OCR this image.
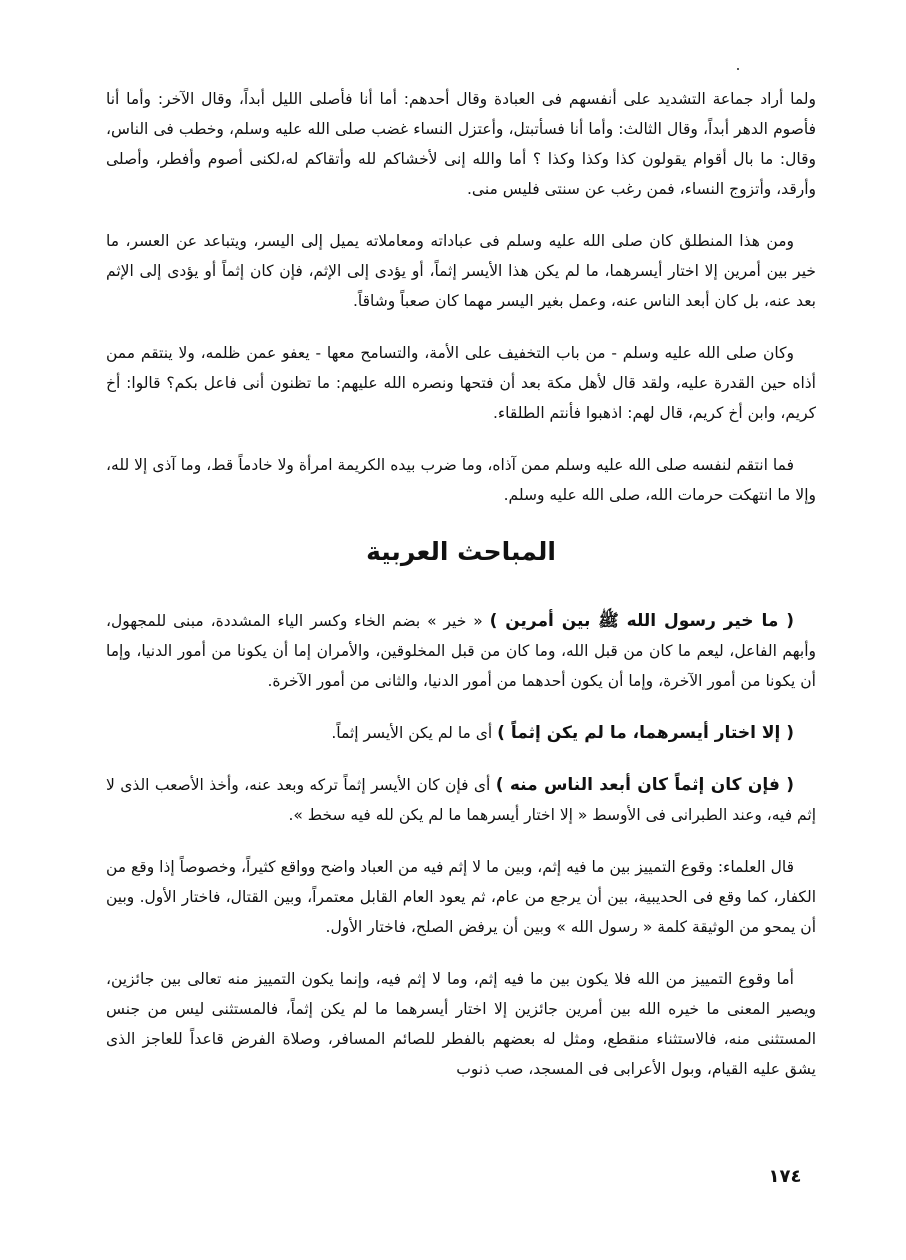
ولما أراد جماعة التشديد على أنفسهم فى العبادة وقال أحدهم: أما أنا فأصلى الليل أبداً، وقال الآخر: وأما أنا فأصوم الدهر أبداً، وقال الثالث: وأما أنا فسأتبتل، وأعتزل النساء غضب صلى الله عليه وسلم، وخطب فى الناس، وقال: ما بال أقوام يقولون كذا وكذا وكذا ؟ أما والله إنى لأخشاكم لله وأتقاكم له،لكنى أصوم وأفطر، وأصلى وأرقد، وأتزوج النساء، فمن رغب عن سنتى فليس منى.

ومن هذا المنطلق كان صلى الله عليه وسلم فى عباداته ومعاملاته يميل إلى اليسر، ويتباعد عن العسر، ما خير بين أمرين إلا اختار أيسرهما، ما لم يكن هذا الأيسر إثماً، أو يؤدى إلى الإثم، فإن كان إثماً أو يؤدى إلى الإثم بعد عنه، بل كان أبعد الناس عنه، وعمل بغير اليسر مهما كان صعباً وشاقاً.

وكان صلى الله عليه وسلم - من باب التخفيف على الأمة، والتسامح معها - يعفو عمن ظلمه، ولا ينتقم ممن أذاه حين القدرة عليه، ولقد قال لأهل مكة بعد أن فتحها ونصره الله عليهم: ما تظنون أنى فاعل بكم؟ قالوا: أخ كريم، وابن أخ كريم، قال لهم: اذهبوا فأنتم الطلقاء.

فما انتقم لنفسه صلى الله عليه وسلم ممن آذاه، وما ضرب بيده الكريمة امرأة ولا خادماً قط، وما آذى إلا لله، وإلا ما انتهكت حرمات الله، صلى الله عليه وسلم.

المباحث العربية

( ما خير رسول الله ﷺ بين أمرين ) « خير » بضم الخاء وكسر الياء المشددة، مبنى للمجهول، وأبهم الفاعل، ليعم ما كان من قبل الله، وما كان من قبل المخلوقين، والأمران إما أن يكونا من أمور الدنيا، وإما أن يكونا من أمور الآخرة، وإما أن يكون أحدهما من أمور الدنيا، والثانى من أمور الآخرة.

( إلا اختار أيسرهما، ما لم يكن إثماً ) أى ما لم يكن الأيسر إثماً.

( فإن كان إثماً كان أبعد الناس منه ) أى فإن كان الأيسر إثماً تركه وبعد عنه، وأخذ الأصعب الذى لا إثم فيه، وعند الطبرانى فى الأوسط « إلا اختار أيسرهما ما لم يكن لله فيه سخط ».

قال العلماء: وقوع التمييز بين ما فيه إثم، وبين ما لا إثم فيه من العباد واضح وواقع كثيراً، وخصوصاً إذا وقع من الكفار، كما وقع فى الحديبية، بين أن يرجع من عام، ثم يعود العام القابل معتمراً، وبين القتال، فاختار الأول. وبين أن يمحو من الوثيقة كلمة « رسول الله » وبين أن يرفض الصلح، فاختار الأول.

أما وقوع التمييز من الله فلا يكون بين ما فيه إثم، وما لا إثم فيه، وإنما يكون التمييز منه تعالى بين جائزين، ويصير المعنى ما خيره الله بين أمرين جائزين إلا اختار أيسرهما ما لم يكن إثماً، فالمستثنى ليس من جنس المستثنى منه، فالاستثناء منقطع، ومثل له بعضهم بالفطر للصائم المسافر، وصلاة الفرض قاعداً للعاجز الذى يشق عليه القيام، وبول الأعرابى فى المسجد، صب ذنوب

١٧٤
